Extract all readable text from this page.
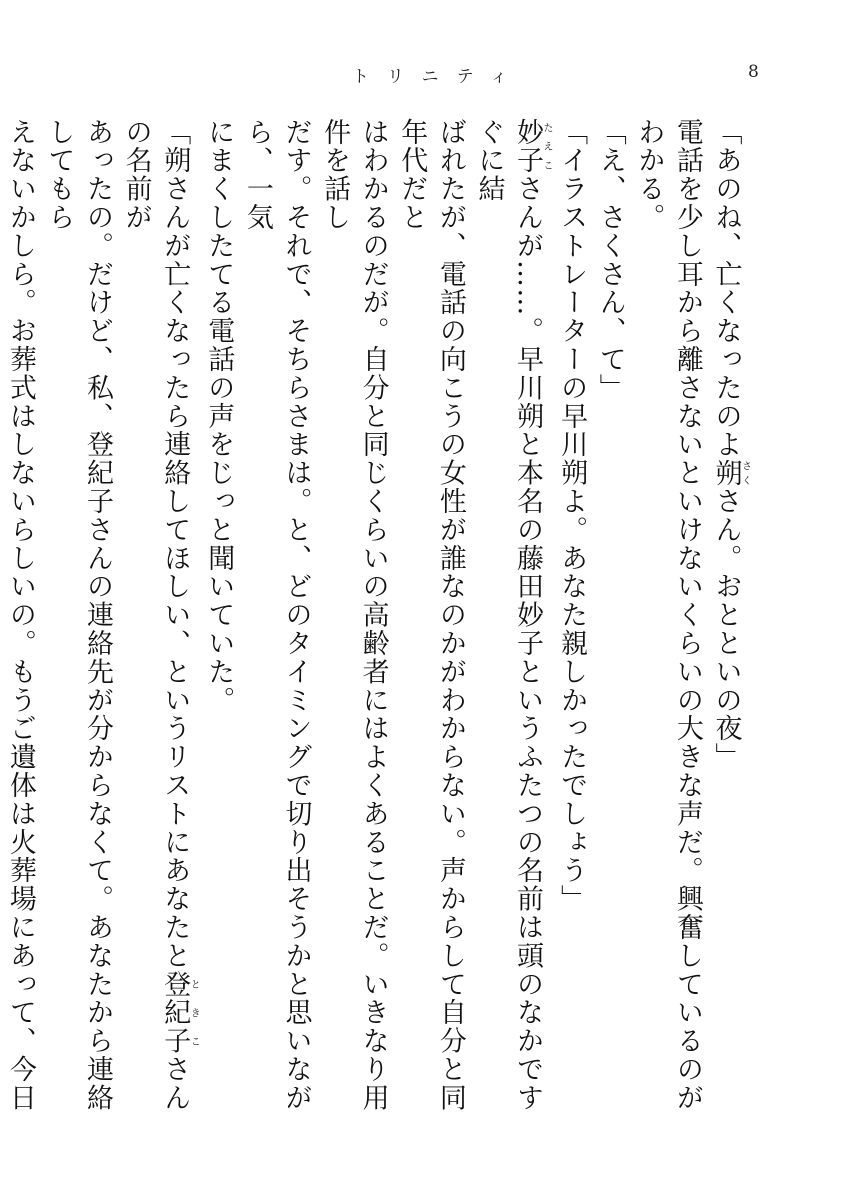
トリニティ	8

「あのね、亡くなったのよ朔さくさん。おとといの夜」

電話を少し耳から離さないといけないくらいの大きな声だ。興奮しているのがわかる。

「え、さくさん、て」

「イラストレーターの早川朔よ。あなた親しかったでしょう」

妙子たえこさんが……。早川朔と本名の藤田妙子というふたつの名前は頭のなかですぐに結

ばれたが、電話の向こうの女性が誰なのかがわからない。声からして自分と同年代だと

はわかるのだが。自分と同じくらいの高齢者にはよくあることだ。いきなり用件を話し

だす。それで、そちらさまは。と、どのタイミングで切り出そうかと思いながら、一気

にまくしたてる電話の声をじっと聞いていた。

「朔さんが亡くなったら連絡してほしい、というリストにあなたと登紀子ときこさんの名前が

あったの。だけど、私、登紀子さんの連絡先が分からなくて。あなたから連絡してもら

えないかしら。お葬式はしないらしいの。もうご遺体は火葬場にあって、今日
